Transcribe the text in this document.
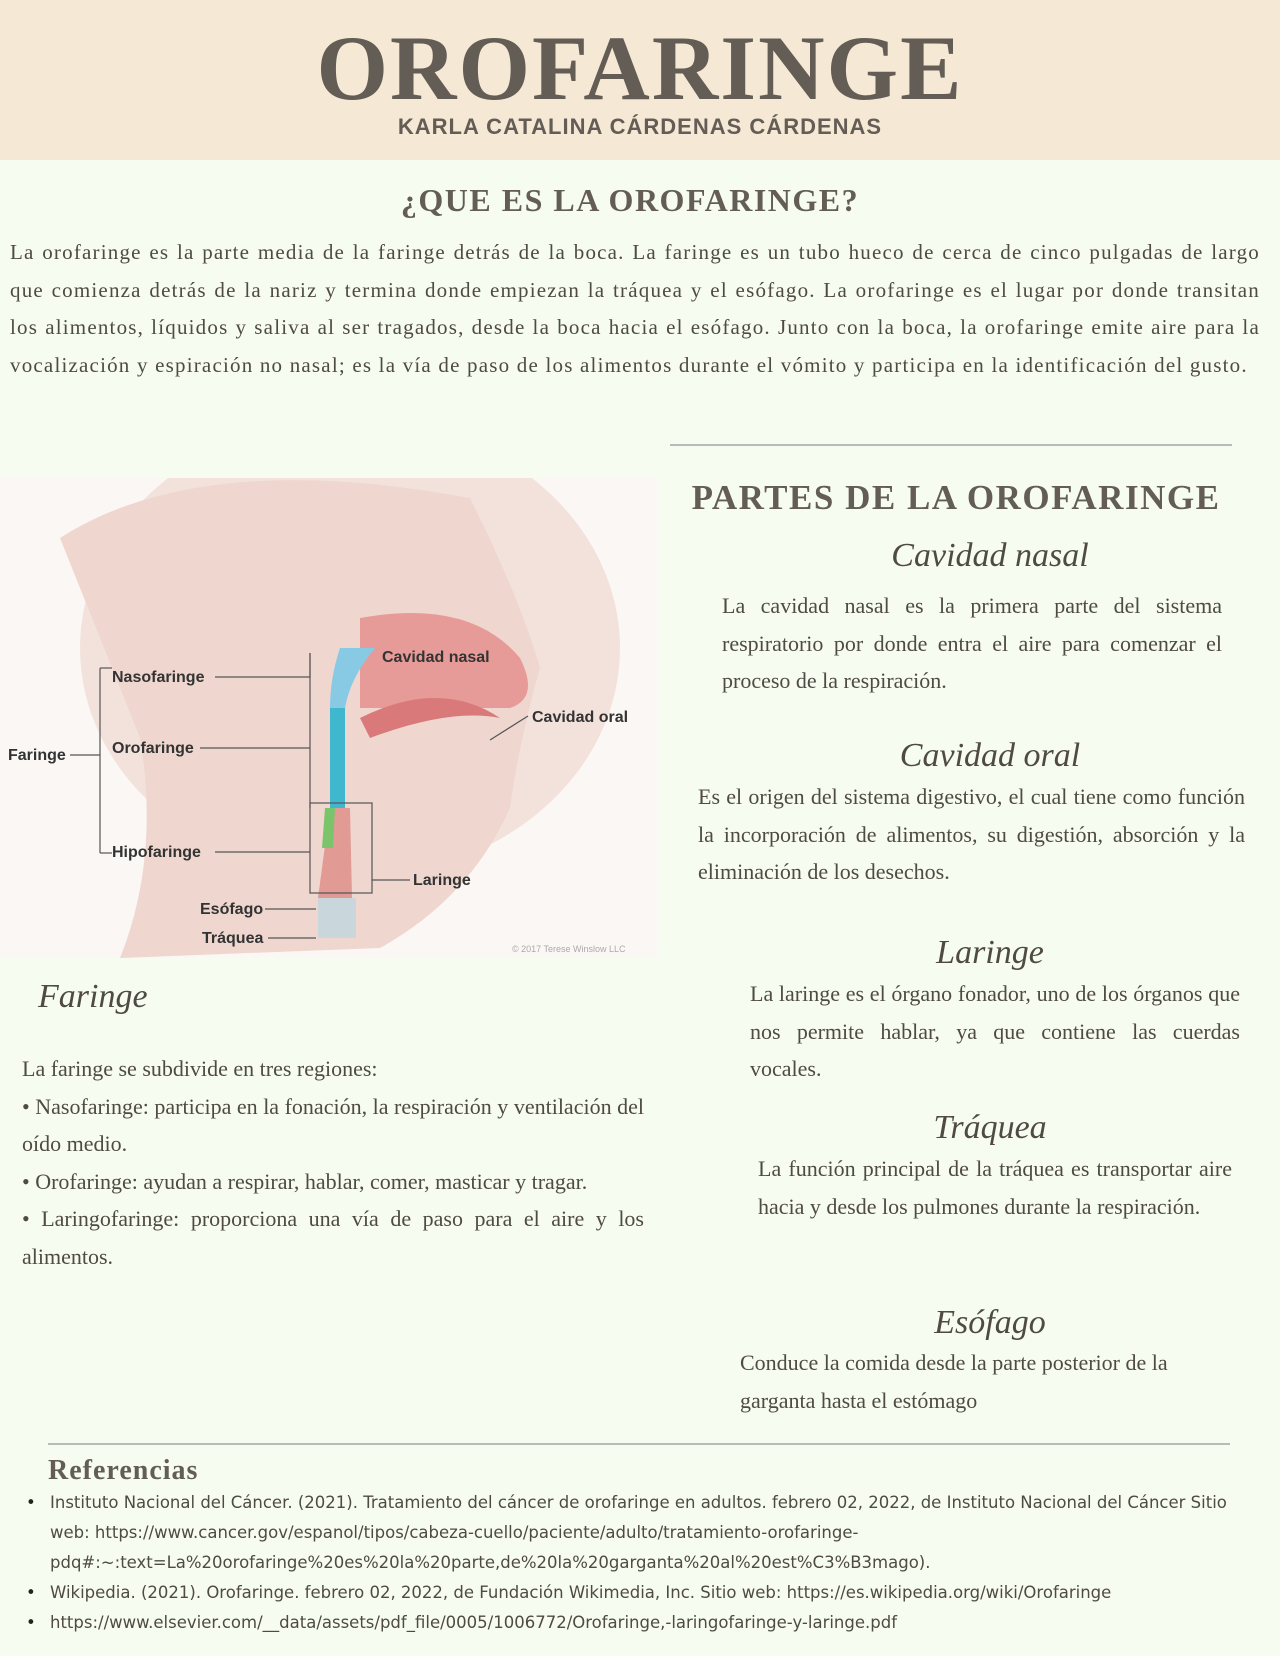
OROFARINGE
KARLA CATALINA CÁRDENAS CÁRDENAS
¿QUE ES LA OROFARINGE?
La orofaringe es la parte media de la faringe detrás de la boca. La faringe es un tubo hueco de cerca de cinco pulgadas de largo que comienza detrás de la nariz y termina donde empiezan la tráquea y el esófago. La orofaringe es el lugar por donde transitan los alimentos, líquidos y saliva al ser tragados, desde la boca hacia el esófago. Junto con la boca, la orofaringe emite aire para la vocalización y espiración no nasal; es la vía de paso de los alimentos durante el vómito y participa en la identificación del gusto.
Cavidad nasal
Nasofaringe
Cavidad oral
Faringe	Orofaringe
Hipofaringe
Laringe
Esófago
Tráquea
© 2017 Terese Winslow LLC
Faringe
La faringe se subdivide en tres regiones:
• Nasofaringe: participa en la fonación, la respiración y ventilación del oído medio.
• Orofaringe: ayudan a respirar, hablar, comer, masticar y tragar.
• Laringofaringe: proporciona una vía de paso para el aire y los alimentos.
PARTES DE LA OROFARINGE
Cavidad nasal
La cavidad nasal es la primera parte del sistema respiratorio por donde entra el aire para comenzar el proceso de la respiración.
Cavidad oral
Es el origen del sistema digestivo, el cual tiene como función la incorporación de alimentos, su digestión, absorción y la eliminación de los desechos.
Laringe
La laringe es el órgano fonador, uno de los órganos que nos permite hablar, ya que contiene las cuerdas vocales.
Tráquea
La función principal de la tráquea es transportar aire hacia y desde los pulmones durante la respiración.
Esófago
Conduce la comida desde la parte posterior de la garganta hasta el estómago
Referencias
• Instituto Nacional del Cáncer. (2021). Tratamiento del cáncer de orofaringe en adultos. febrero 02, 2022, de Instituto Nacional del Cáncer Sitio web: https://www.cancer.gov/espanol/tipos/cabeza-cuello/paciente/adulto/tratamiento-orofaringe-pdq#:~:text=La%20orofaringe%20es%20la%20parte,de%20la%20garganta%20al%20est%C3%B3mago).
• Wikipedia. (2021). Orofaringe. febrero 02, 2022, de Fundación Wikimedia, Inc. Sitio web: https://es.wikipedia.org/wiki/Orofaringe
• https://www.elsevier.com/__data/assets/pdf_file/0005/1006772/Orofaringe,-laringofaringe-y-laringe.pdf
